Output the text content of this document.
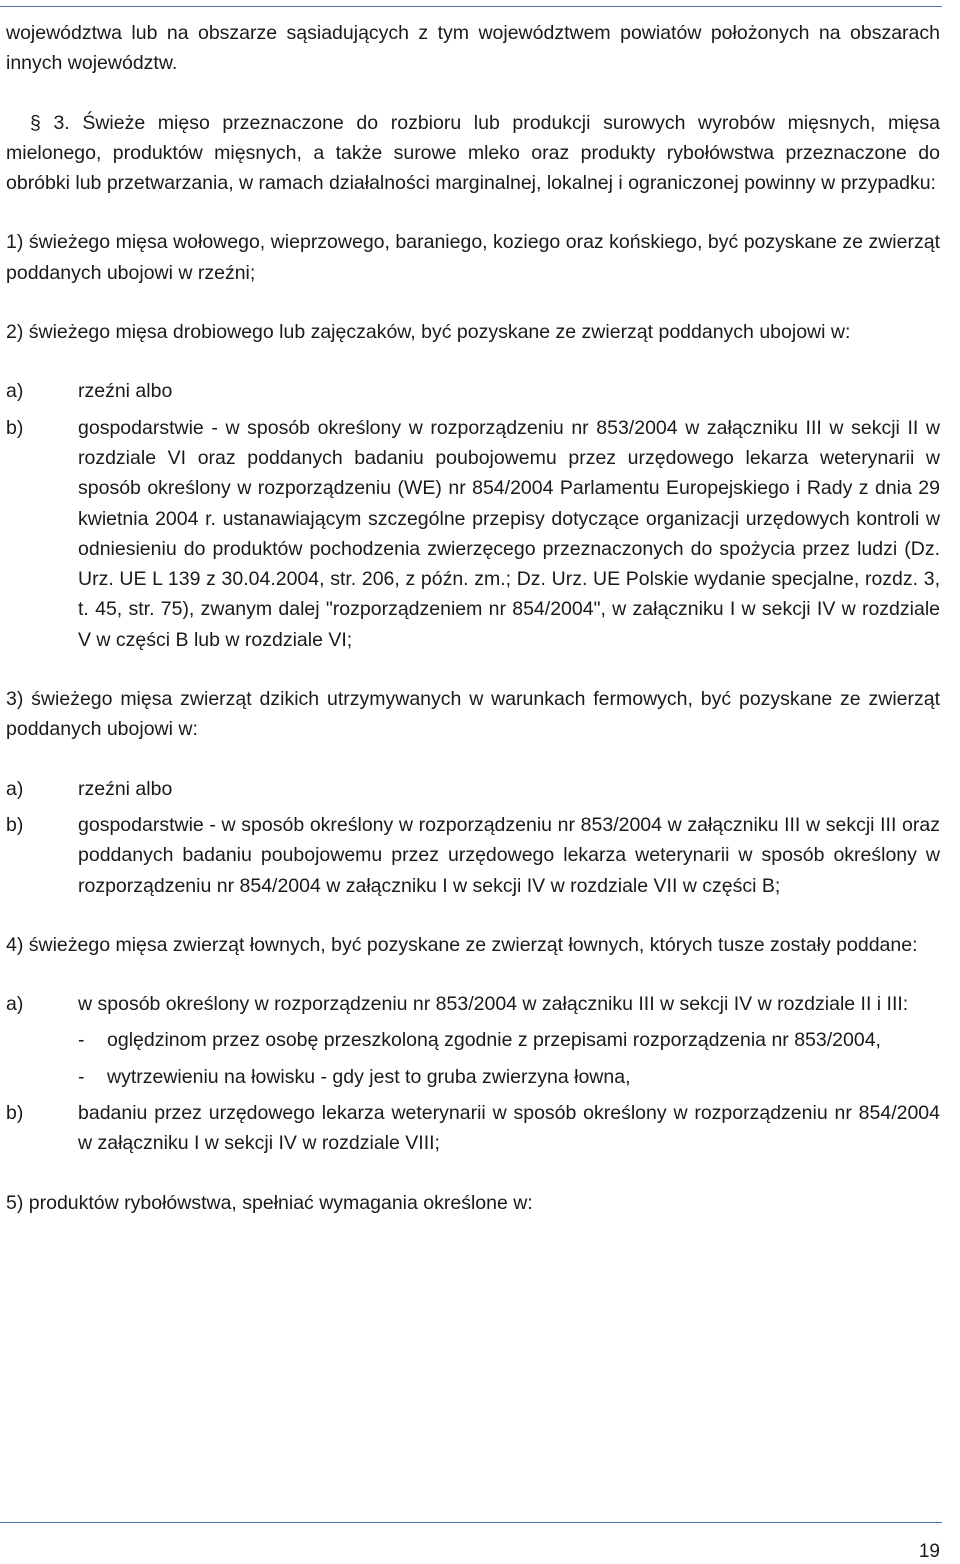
województwa lub na obszarze sąsiadujących z tym województwem powiatów położonych na obszarach innych województw.

§ 3. Świeże mięso przeznaczone do rozbioru lub produkcji surowych wyrobów mięsnych, mięsa mielonego, produktów mięsnych, a także surowe mleko oraz produkty rybołówstwa przeznaczone do obróbki lub przetwarzania, w ramach działalności marginalnej, lokalnej i ograniczonej powinny w przypadku:

1) świeżego mięsa wołowego, wieprzowego, baraniego, koziego oraz końskiego, być pozyskane ze zwierząt poddanych ubojowi w rzeźni;

2) świeżego mięsa drobiowego lub zajęczaków, być pozyskane ze zwierząt poddanych ubojowi w:

a)	rzeźni albo
b)	gospodarstwie - w sposób określony w rozporządzeniu nr 853/2004 w załączniku III w sekcji II w rozdziale VI oraz poddanych badaniu poubojowemu przez urzędowego lekarza weterynarii w sposób określony w rozporządzeniu (WE) nr 854/2004 Parlamentu Europejskiego i Rady z dnia 29 kwietnia 2004 r. ustanawiającym szczególne przepisy dotyczące organizacji urzędowych kontroli w odniesieniu do produktów pochodzenia zwierzęcego przeznaczonych do spożycia przez ludzi (Dz. Urz. UE L 139 z 30.04.2004, str. 206, z późn. zm.; Dz. Urz. UE Polskie wydanie specjalne, rozdz. 3, t. 45, str. 75), zwanym dalej "rozporządzeniem nr 854/2004", w załączniku I w sekcji IV w rozdziale V w części B lub w rozdziale VI;

3) świeżego mięsa zwierząt dzikich utrzymywanych w warunkach fermowych, być pozyskane ze zwierząt poddanych ubojowi w:

a)	rzeźni albo
b)	gospodarstwie - w sposób określony w rozporządzeniu nr 853/2004 w załączniku III w sekcji III oraz poddanych badaniu poubojowemu przez urzędowego lekarza weterynarii w sposób określony w rozporządzeniu nr 854/2004 w załączniku I w sekcji IV w rozdziale VII w części B;

4) świeżego mięsa zwierząt łownych, być pozyskane ze zwierząt łownych, których tusze zostały poddane:

a)	w sposób określony w rozporządzeniu nr 853/2004 w załączniku III w sekcji IV w rozdziale II i III:
-	oględzinom przez osobę przeszkoloną zgodnie z przepisami rozporządzenia nr 853/2004,
-	wytrzewieniu na łowisku - gdy jest to gruba zwierzyna łowna,
b)	badaniu przez urzędowego lekarza weterynarii w sposób określony w rozporządzeniu nr 854/2004 w załączniku I w sekcji IV w rozdziale VIII;

5) produktów rybołówstwa, spełniać wymagania określone w:

19
